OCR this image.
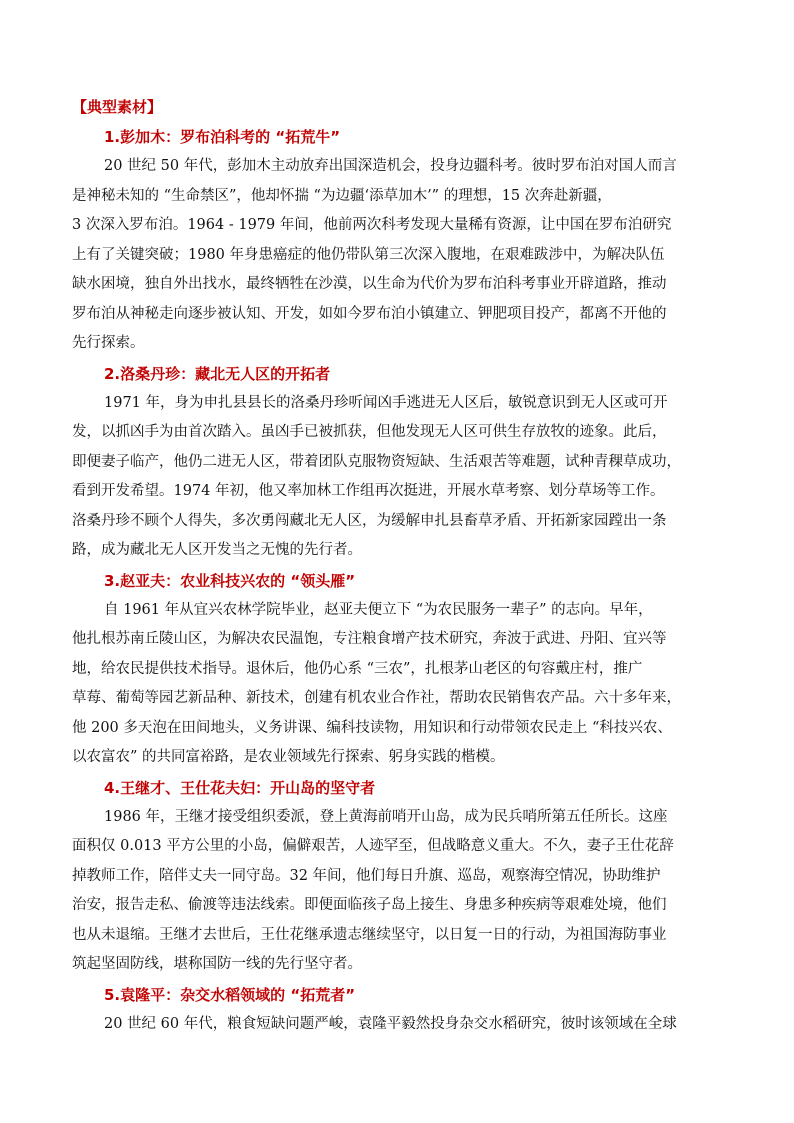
【典型素材】
1.彭加木：罗布泊科考的 “拓荒牛”
20 世纪 50 年代，彭加木主动放弃出国深造机会，投身边疆科考。彼时罗布泊对国人而言
是神秘未知的 “生命禁区”，他却怀揣 “为边疆‘添草加木’” 的理想，15 次奔赴新疆，
3 次深入罗布泊。1964 - 1979 年间，他前两次科考发现大量稀有资源，让中国在罗布泊研究
上有了关键突破；1980 年身患癌症的他仍带队第三次深入腹地，在艰难跋涉中，为解决队伍
缺水困境，独自外出找水，最终牺牲在沙漠，以生命为代价为罗布泊科考事业开辟道路，推动
罗布泊从神秘走向逐步被认知、开发，如如今罗布泊小镇建立、钾肥项目投产，都离不开他的
先行探索。
2.洛桑丹珍：藏北无人区的开拓者
1971 年，身为申扎县县长的洛桑丹珍听闻凶手逃进无人区后，敏锐意识到无人区或可开
发，以抓凶手为由首次踏入。虽凶手已被抓获，但他发现无人区可供生存放牧的迹象。此后，
即便妻子临产，他仍二进无人区，带着团队克服物资短缺、生活艰苦等难题，试种青稞草成功，
看到开发希望。1974 年初，他又率加林工作组再次挺进，开展水草考察、划分草场等工作。
洛桑丹珍不顾个人得失，多次勇闯藏北无人区，为缓解申扎县畜草矛盾、开拓新家园蹚出一条
路，成为藏北无人区开发当之无愧的先行者。
3.赵亚夫：农业科技兴农的 “领头雁”
自 1961 年从宜兴农林学院毕业，赵亚夫便立下 “为农民服务一辈子” 的志向。早年，
他扎根苏南丘陵山区，为解决农民温饱，专注粮食增产技术研究，奔波于武进、丹阳、宜兴等
地，给农民提供技术指导。退休后，他仍心系 “三农”，扎根茅山老区的句容戴庄村，推广
草莓、葡萄等园艺新品种、新技术，创建有机农业合作社，帮助农民销售农产品。六十多年来，
他 200 多天泡在田间地头，义务讲课、编科技读物，用知识和行动带领农民走上 “科技兴农、
以农富农” 的共同富裕路，是农业领域先行探索、躬身实践的楷模。
4.王继才、王仕花夫妇：开山岛的坚守者
1986 年，王继才接受组织委派，登上黄海前哨开山岛，成为民兵哨所第五任所长。这座
面积仅 0.013 平方公里的小岛，偏僻艰苦，人迹罕至，但战略意义重大。不久，妻子王仕花辞
掉教师工作，陪伴丈夫一同守岛。32 年间，他们每日升旗、巡岛，观察海空情况，协助维护
治安，报告走私、偷渡等违法线索。即便面临孩子岛上接生、身患多种疾病等艰难处境，他们
也从未退缩。王继才去世后，王仕花继承遗志继续坚守，以日复一日的行动，为祖国海防事业
筑起坚固防线，堪称国防一线的先行坚守者。
5.袁隆平：杂交水稻领域的 “拓荒者”
20 世纪 60 年代，粮食短缺问题严峻，袁隆平毅然投身杂交水稻研究，彼时该领域在全球
